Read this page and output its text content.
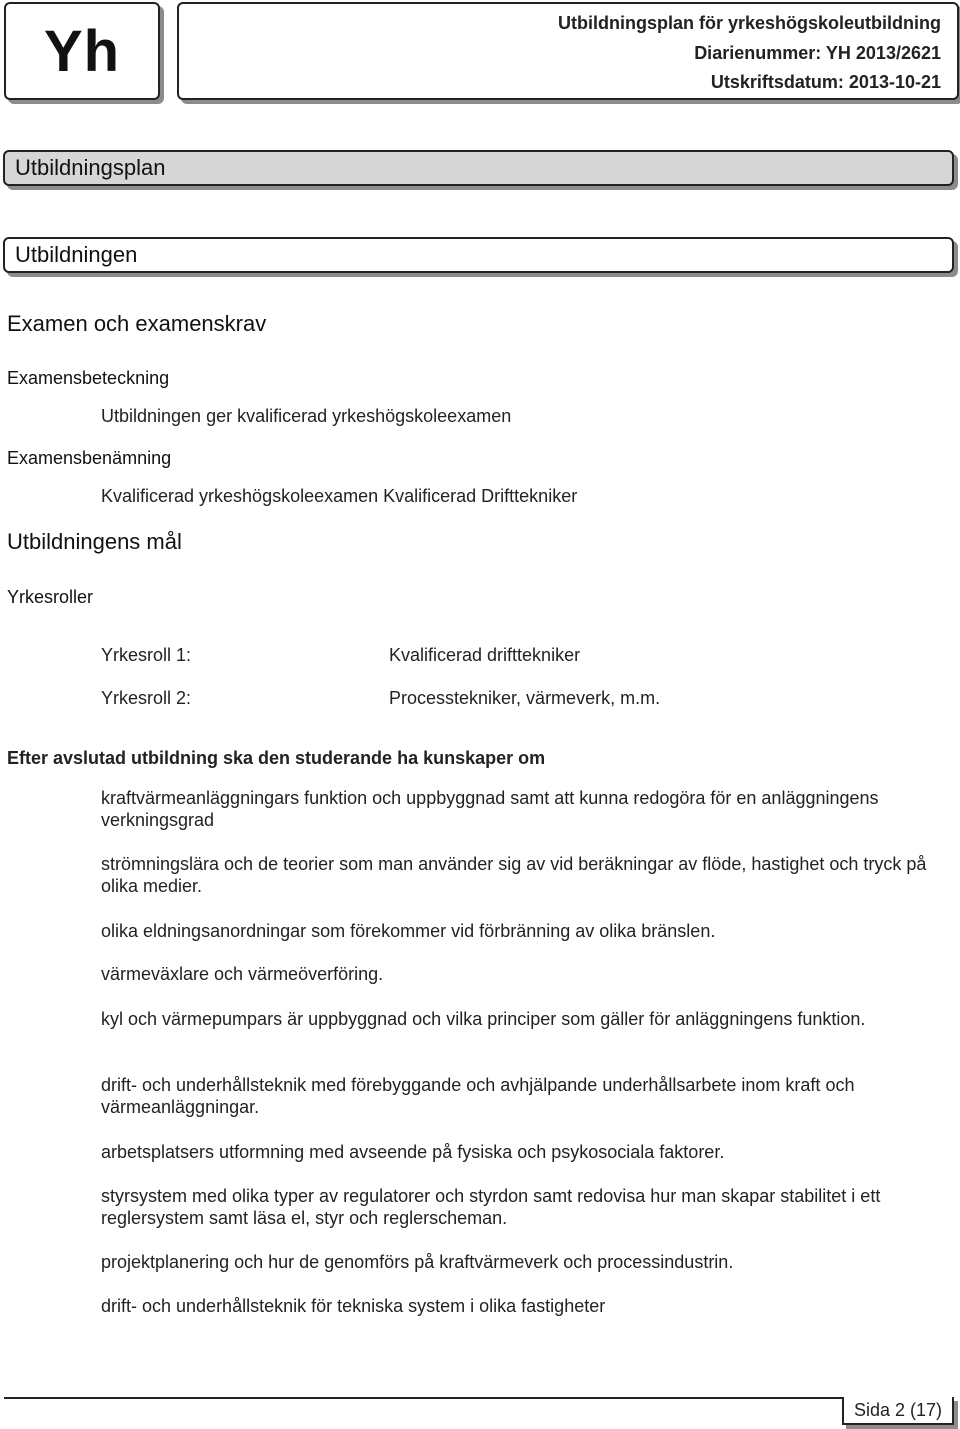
Yh	Utbildningsplan för yrkeshögskoleutbildning
Diarienummer: YH 2013/2621
Utskriftsdatum: 2013-10-21
Utbildningsplan
Utbildningen
Examen och examenskrav
Examensbeteckning
Utbildningen ger kvalificerad yrkeshögskoleexamen
Examensbenämning
Kvalificerad yrkeshögskoleexamen Kvalificerad Drifttekniker
Utbildningens mål
Yrkesroller
Yrkesroll 1:	Kvalificerad drifttekniker
Yrkesroll 2:	Processtekniker, värmeverk, m.m.
Efter avslutad utbildning ska den studerande ha kunskaper om
kraftvärmeanläggningars funktion och uppbyggnad samt att kunna redogöra för en anläggningens verkningsgrad
strömningslära och de teorier som man använder sig av vid beräkningar av flöde, hastighet och tryck på olika medier.
olika eldningsanordningar som förekommer vid förbränning av olika bränslen.
värmeväxlare och värmeöverföring.
kyl och värmepumpars är uppbyggnad och vilka principer som gäller för anläggningens funktion.
drift- och underhållsteknik med förebyggande och avhjälpande underhållsarbete inom kraft och värmeanläggningar.
arbetsplatsers utformning med avseende på fysiska och psykosociala faktorer.
styrsystem med olika typer av regulatorer och styrdon samt redovisa hur man skapar stabilitet i ett reglersystem samt läsa el, styr och reglerscheman.
projektplanering och hur de genomförs på kraftvärmeverk och processindustrin.
drift- och underhållsteknik för tekniska system i olika fastigheter
Sida 2 (17)
